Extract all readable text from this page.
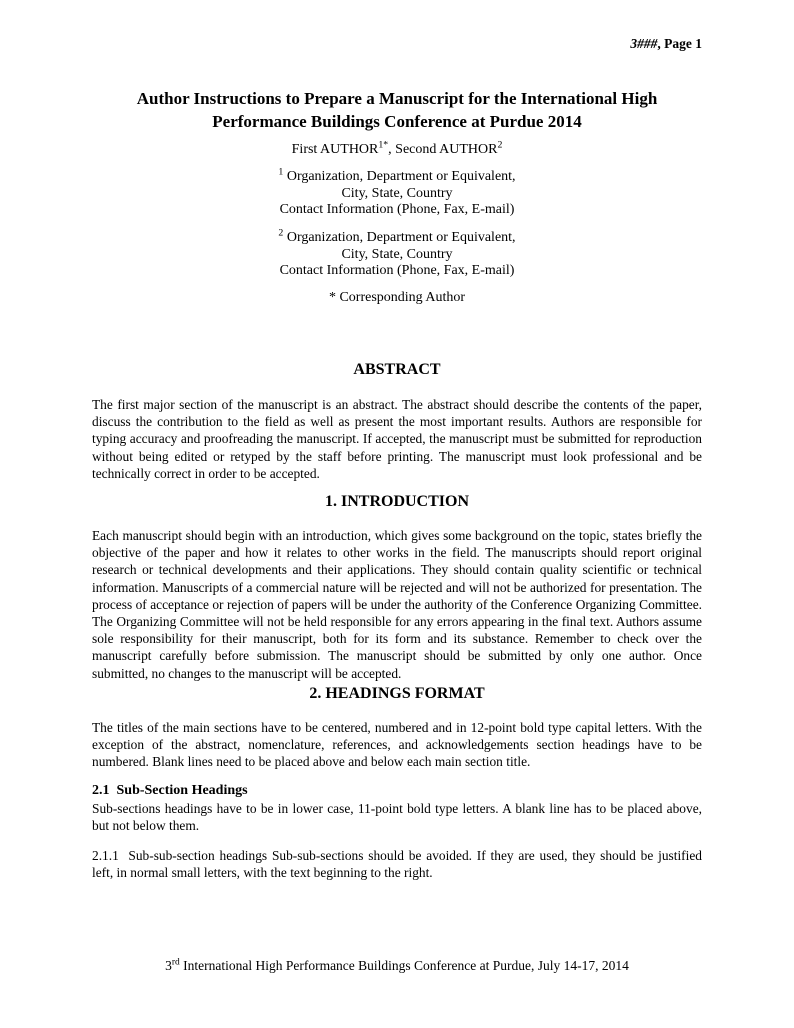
3###, Page 1
Author Instructions to Prepare a Manuscript for the International High
Performance Buildings Conference at Purdue 2014
First $AUTHOR^{1*}$, Second AUTHOR$^2$
$^1$ Organization, Department or Equivalent,
City, State, Country
Contact Information (Phone, Fax, E-mail)
$^2$ Organization, Department or Equivalent,
City, State, Country
Contact Information (Phone, Fax, E-mail)
* Corresponding Author
ABSTRACT
The first major section of the manuscript is an abstract. The abstract should describe the contents of the paper, discuss the contribution to the field as well as present the most important results. Authors are responsible for typing accuracy and proofreading the manuscript. If accepted, the manuscript must be submitted for reproduction without being edited or retyped by the staff before printing. The manuscript must look professional and be technically correct in order to be accepted.
1. INTRODUCTION
Each manuscript should begin with an introduction, which gives some background on the topic, states briefly the objective of the paper and how it relates to other works in the field. The manuscripts should report original research or technical developments and their applications. They should contain quality scientific or technical information. Manuscripts of a commercial nature will be rejected and will not be authorized for presentation. The process of acceptance or rejection of papers will be under the authority of the Conference Organizing Committee. The Organizing Committee will not be held responsible for any errors appearing in the final text. Authors assume sole responsibility for their manuscript, both for its form and its substance. Remember to check over the manuscript carefully before submission. The manuscript should be submitted by only one author. Once submitted, no changes to the manuscript will be accepted.
2. HEADINGS FORMAT
The titles of the main sections have to be centered, numbered and in 12-point bold type capital letters. With the exception of the abstract, nomenclature, references, and acknowledgements section headings have to be numbered. Blank lines need to be placed above and below each main section title.
2.1  Sub-Section Headings
Sub-sections headings have to be in lower case, 11-point bold type letters. A blank line has to be placed above, but not below them.
2.1.1  Sub-sub-section headings Sub-sub-sections should be avoided. If they are used, they should be justified left, in normal small letters, with the text beginning to the right.
3rd International High Performance Buildings Conference at Purdue, July 14-17, 2014
